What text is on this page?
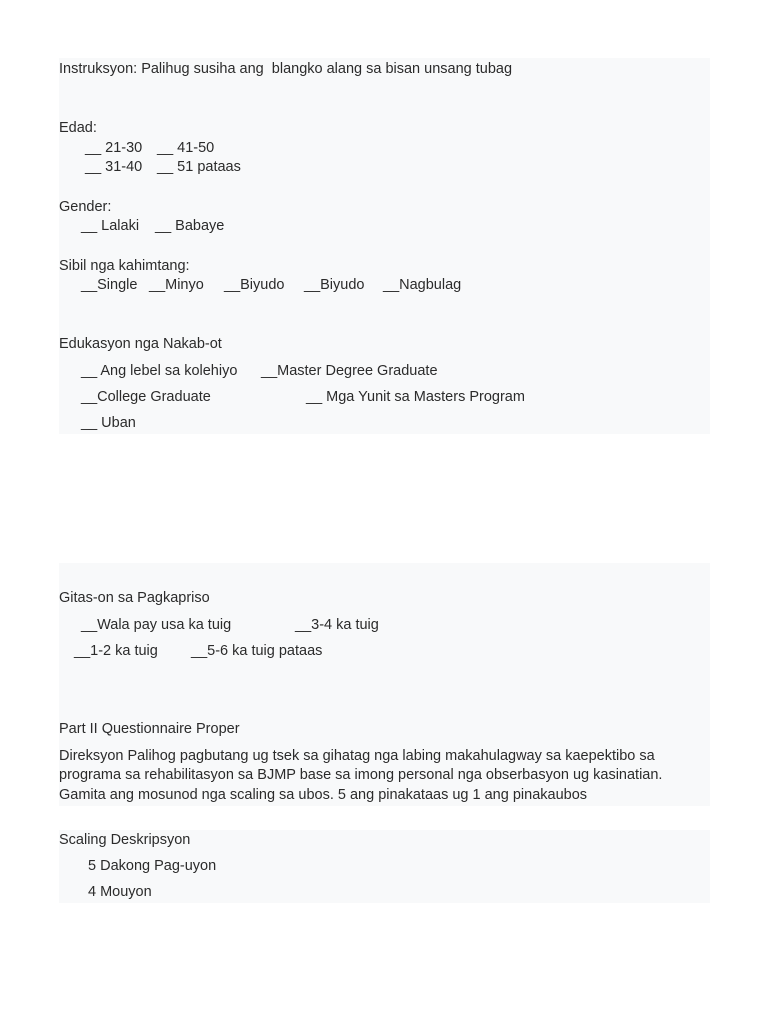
Instruksyon: Palihug susiha ang  blangko alang sa bisan unsang tubag
Edad:
__ 21-30 __ 41-50
__ 31-40 __ 51 pataas
Gender:
__ Lalaki __ Babaye
Sibil nga kahimtang:
__Single __Minyo __Biyudo __Biyudo __Nagbulag
Edukasyon nga Nakab-ot
__ Ang lebel sa kolehiyo __Master Degree Graduate
__College Graduate	__ Mga Yunit sa Masters Program
__ Uban
Gitas-on sa Pagkapriso
__Wala pay usa ka tuig	__3-4 ka tuig
__1-2 ka tuig __5-6 ka tuig pataas
Part II Questionnaire Proper
Direksyon Palihog pagbutang ug tsek sa gihatag nga labing makahulagway sa kaepektibo sa
programa sa rehabilitasyon sa BJMP base sa imong personal nga obserbasyon ug kasinatian.
Gamita ang mosunod nga scaling sa ubos. 5 ang pinakataas ug 1 ang pinakaubos
Scaling Deskripsyon
5 Dakong Pag-uyon
4 Mouyon
